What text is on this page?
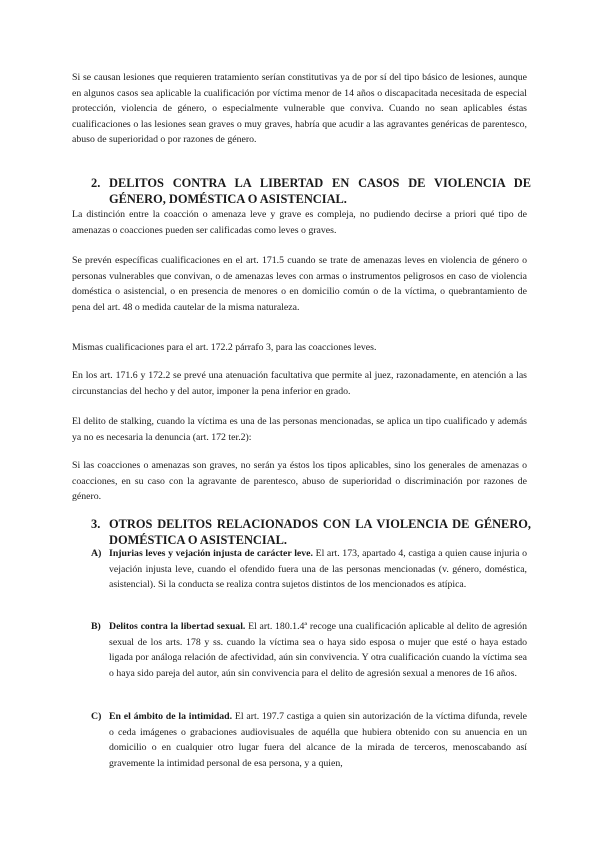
Si se causan lesiones que requieren tratamiento serían constitutivas ya de por sí del tipo básico de lesiones, aunque en algunos casos sea aplicable la cualificación por víctima menor de 14 años o discapacitada necesitada de especial protección, violencia de género, o especialmente vulnerable que conviva. Cuando no sean aplicables éstas cualificaciones o las lesiones sean graves o muy graves, habría que acudir a las agravantes genéricas de parentesco, abuso de superioridad o por razones de género.

2. DELITOS CONTRA LA LIBERTAD EN CASOS DE VIOLENCIA DE GÉNERO, DOMÉSTICA O ASISTENCIAL.

La distinción entre la coacción o amenaza leve y grave es compleja, no pudiendo decirse a priori qué tipo de amenazas o coacciones pueden ser calificadas como leves o graves.

Se prevén específicas cualificaciones en el art. 171.5 cuando se trate de amenazas leves en violencia de género o personas vulnerables que convivan, o de amenazas leves con armas o instrumentos peligrosos en caso de violencia doméstica o asistencial, o en presencia de menores o en domicilio común o de la víctima, o quebrantamiento de pena del art. 48 o medida cautelar de la misma naturaleza.

Mismas cualificaciones para el art. 172.2 párrafo 3, para las coacciones leves.

En los art. 171.6 y 172.2 se prevé una atenuación facultativa que permite al juez, razonadamente, en atención a las circunstancias del hecho y del autor, imponer la pena inferior en grado.

El delito de stalking, cuando la víctima es una de las personas mencionadas, se aplica un tipo cualificado y además ya no es necesaria la denuncia (art. 172 ter.2):

Si las coacciones o amenazas son graves, no serán ya éstos los tipos aplicables, sino los generales de amenazas o coacciones, en su caso con la agravante de parentesco, abuso de superioridad o discriminación por razones de género.

3. OTROS DELITOS RELACIONADOS CON LA VIOLENCIA DE GÉNERO, DOMÉSTICA O ASISTENCIAL.
A) Injurias leves y vejación injusta de carácter leve. El art. 173, apartado 4, castiga a quien cause injuria o vejación injusta leve, cuando el ofendido fuera una de las personas mencionadas (v. género, doméstica, asistencial). Si la conducta se realiza contra sujetos distintos de los mencionados es atípica.
B) Delitos contra la libertad sexual. El art. 180.1.4ª recoge una cualificación aplicable al delito de agresión sexual de los arts. 178 y ss. cuando la víctima sea o haya sido esposa o mujer que esté o haya estado ligada por análoga relación de afectividad, aún sin convivencia. Y otra cualificación cuando la víctima sea o haya sido pareja del autor, aún sin convivencia para el delito de agresión sexual a menores de 16 años.
C) En el ámbito de la intimidad. El art. 197.7 castiga a quien sin autorización de la víctima difunda, revele o ceda imágenes o grabaciones audiovisuales de aquélla que hubiera obtenido con su anuencia en un domicilio o en cualquier otro lugar fuera del alcance de la mirada de terceros, menoscabando así gravemente la intimidad personal de esa persona, y a quien,
